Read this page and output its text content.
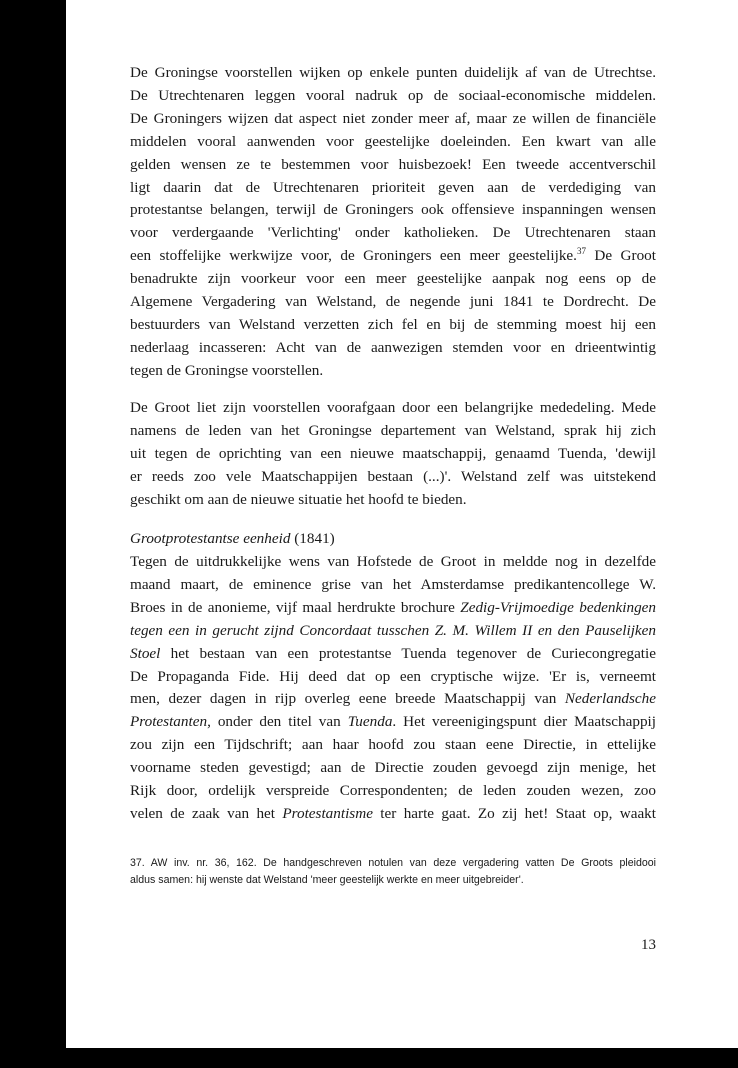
De Groningse voorstellen wijken op enkele punten duidelijk af van de Utrechtse.

De Utrechtenaren leggen vooral nadruk op de sociaal-economische middelen.

De Groningers wijzen dat aspect niet zonder meer af, maar ze willen de financiële

middelen vooral aanwenden voor geestelijke doeleinden. Een kwart van alle

gelden wensen ze te bestemmen voor huisbezoek! Een tweede accentverschil

ligt daarin dat de Utrechtenaren prioriteit geven aan de verdediging van

protestantse belangen, terwijl de Groningers ook offensieve inspanningen wensen

voor verdergaande 'Verlichting' onder katholieken. De Utrechtenaren staan

een stoffelijke werkwijze voor, de Groningers een meer geestelijke.$^{37}$ De Groot

benadrukte zijn voorkeur voor een meer geestelijke aanpak nog eens op de

Algemene Vergadering van Welstand, de negende juni 1841 te Dordrecht. De

bestuurders van Welstand verzetten zich fel en bij de stemming moest hij een

nederlaag incasseren: Acht van de aanwezigen stemden voor en drieentwintig

tegen de Groningse voorstellen.

De Groot liet zijn voorstellen voorafgaan door een belangrijke mededeling. Mede

namens de leden van het Groningse departement van Welstand, sprak hij zich

uit tegen de oprichting van een nieuwe maatschappij, genaamd Tuenda, 'dewijl

er reeds zoo vele Maatschappijen bestaan (...)'. Welstand zelf was uitstekend

geschikt om aan de nieuwe situatie het hoofd te bieden.

Grootprotestantse eenheid (1841)

Tegen de uitdrukkelijke wens van Hofstede de Groot in meldde nog in dezelfde

maand maart, de eminence grise van het Amsterdamse predikantencollege W.

Broes in de anonieme, vijf maal herdrukte brochure Zedig-Vrijmoedige bedenkingen

tegen een in gerucht zijnd Concordaat tusschen Z. M. Willem II en den Pauselijken

Stoel het bestaan van een protestantse Tuenda tegenover de Curiecongregatie

De Propaganda Fide. Hij deed dat op een cryptische wijze. 'Er is, verneemt

men, dezer dagen in rijp overleg eene breede Maatschappij van Nederlandsche

Protestanten, onder den titel van Tuenda. Het vereenigingspunt dier Maatschappij

zou zijn een Tijdschrift; aan haar hoofd zou staan eene Directie, in ettelijke

voorname steden gevestigd; aan de Directie zouden gevoegd zijn menige, het

Rijk door, ordelijk verspreide Correspondenten; de leden zouden wezen, zoo

velen de zaak van het Protestantisme ter harte gaat. Zo zij het! Staat op, waakt

37. AW inv. nr. 36, 162. De handgeschreven notulen van deze vergadering vatten De Groots pleidooi

aldus samen: hij wenste dat Welstand 'meer geestelijk werkte en meer uitgebreider'.

13
